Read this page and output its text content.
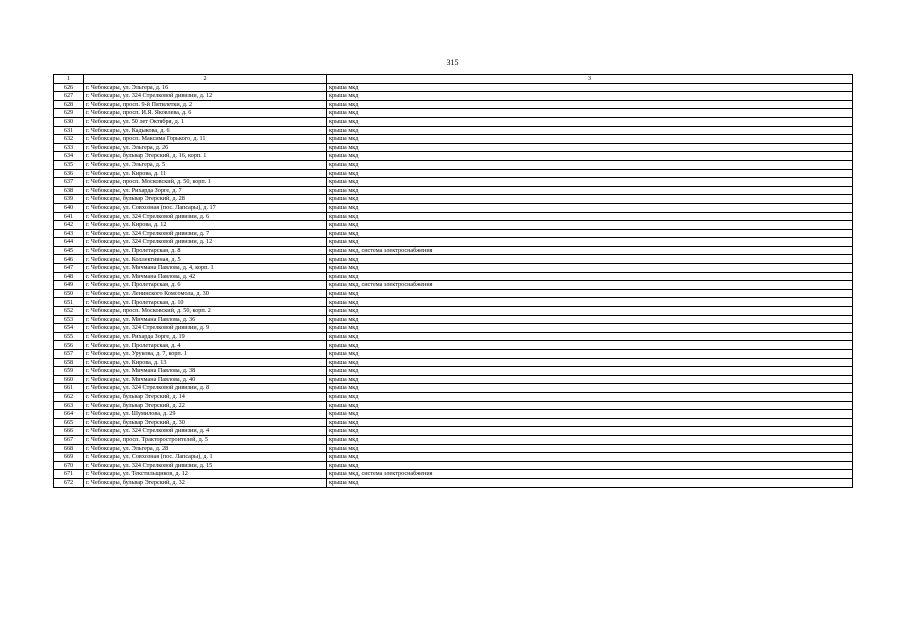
315
1	2	3
626	г. Чебоксары, ул. Эльгера, д. 16	крыша мкд
627	г. Чебоксары, ул. 324 Стрелковой дивизии, д. 12	крыша мкд
628	г. Чебоксары, просп. 9-й Пятилетки, д. 2	крыша мкд
629	г. Чебоксары, просп. И.Я. Яковлева, д. 6	крыша мкд
630	г. Чебоксары, ул. 50 лет Октября, д. 1	крыша мкд
631	г. Чебоксары, ул. Кадыкова, д. 6	крыша мкд
632	г. Чебоксары, просп. Максима Горького, д. 11	крыша мкд
633	г. Чебоксары, ул. Эльгера, д. 26	крыша мкд
634	г. Чебоксары, бульвар Эгерский, д. 16, корп. 1	крыша мкд
635	г. Чебоксары, ул. Эльгера, д. 5	крыша мкд
636	г. Чебоксары, ул. Кирова, д. 11	крыша мкд
637	г. Чебоксары, просп. Московский, д. 50, корп. 1	крыша мкд
638	г. Чебоксары, ул. Рихарда Зорге, д. 7	крыша мкд
639	г. Чебоксары, бульвар Эгерский, д. 28	крыша мкд
640	г. Чебоксары, ул. Совхозная (пос. Лапсары), д. 17	крыша мкд
641	г. Чебоксары, ул. 324 Стрелковой дивизии, д. 6	крыша мкд
642	г. Чебоксары, ул. Кирова, д. 12	крыша мкд
643	г. Чебоксары, ул. 324 Стрелковой дивизии, д. 7	крыша мкд
644	г. Чебоксары, ул. 324 Стрелковой дивизии, д. 12	крыша мкд
645	г. Чебоксары, ул. Пролетарская, д. 8	крыша мкд, система электроснабжения
646	г. Чебоксары, ул. Коллективная, д. 5	крыша мкд
647	г. Чебоксары, ул. Мичмана Павлова, д. 4, корп. 1	крыша мкд
648	г. Чебоксары, ул. Мичмана Павлова, д. 42	крыша мкд
649	г. Чебоксары, ул. Пролетарская, д. 6	крыша мкд, система электроснабжения
650	г. Чебоксары, ул. Ленинского Комсомола, д. 30	крыша мкд
651	г. Чебоксары, ул. Пролетарская, д. 10	крыша мкд
652	г. Чебоксары, просп. Московский, д. 50, корп. 2	крыша мкд
653	г. Чебоксары, ул. Мичмана Павлова, д. 36	крыша мкд
654	г. Чебоксары, ул. 324 Стрелковой дивизии, д. 9	крыша мкд
655	г. Чебоксары, ул. Рихарда Зорге, д. 19	крыша мкд
656	г. Чебоксары, ул. Пролетарская, д. 4	крыша мкд
657	г. Чебоксары, ул. Урукова, д. 7, корп. 1	крыша мкд
658	г. Чебоксары, ул. Кирова, д. 13	крыша мкд
659	г. Чебоксары, ул. Мичмана Павлова, д. 38	крыша мкд
660	г. Чебоксары, ул. Мичмана Павлова, д. 40	крыша мкд
661	г. Чебоксары, ул. 324 Стрелковой дивизии, д. 8	крыша мкд
662	г. Чебоксары, бульвар Эгерский, д. 14	крыша мкд
663	г. Чебоксары, бульвар Эгерский, д. 22	крыша мкд
664	г. Чебоксары, ул. Шумилова, д. 29	крыша мкд
665	г. Чебоксары, бульвар Эгерский, д. 30	крыша мкд
666	г. Чебоксары, ул. 324 Стрелковой дивизии, д. 4	крыша мкд
667	г. Чебоксары, просп. Тракторостроителей, д. 5	крыша мкд
668	г. Чебоксары, ул. Эльгера, д. 28	крыша мкд
669	г. Чебоксары, ул. Совхозная (пос. Лапсары), д. 1	крыша мкд
670	г. Чебоксары, ул. 324 Стрелковой дивизии, д. 15	крыша мкд
671	г. Чебоксары, ул. Текстильщиков, д. 12	крыша мкд, система электроснабжения
672	г. Чебоксары, бульвар Эгерский, д. 32	крыша мкд
